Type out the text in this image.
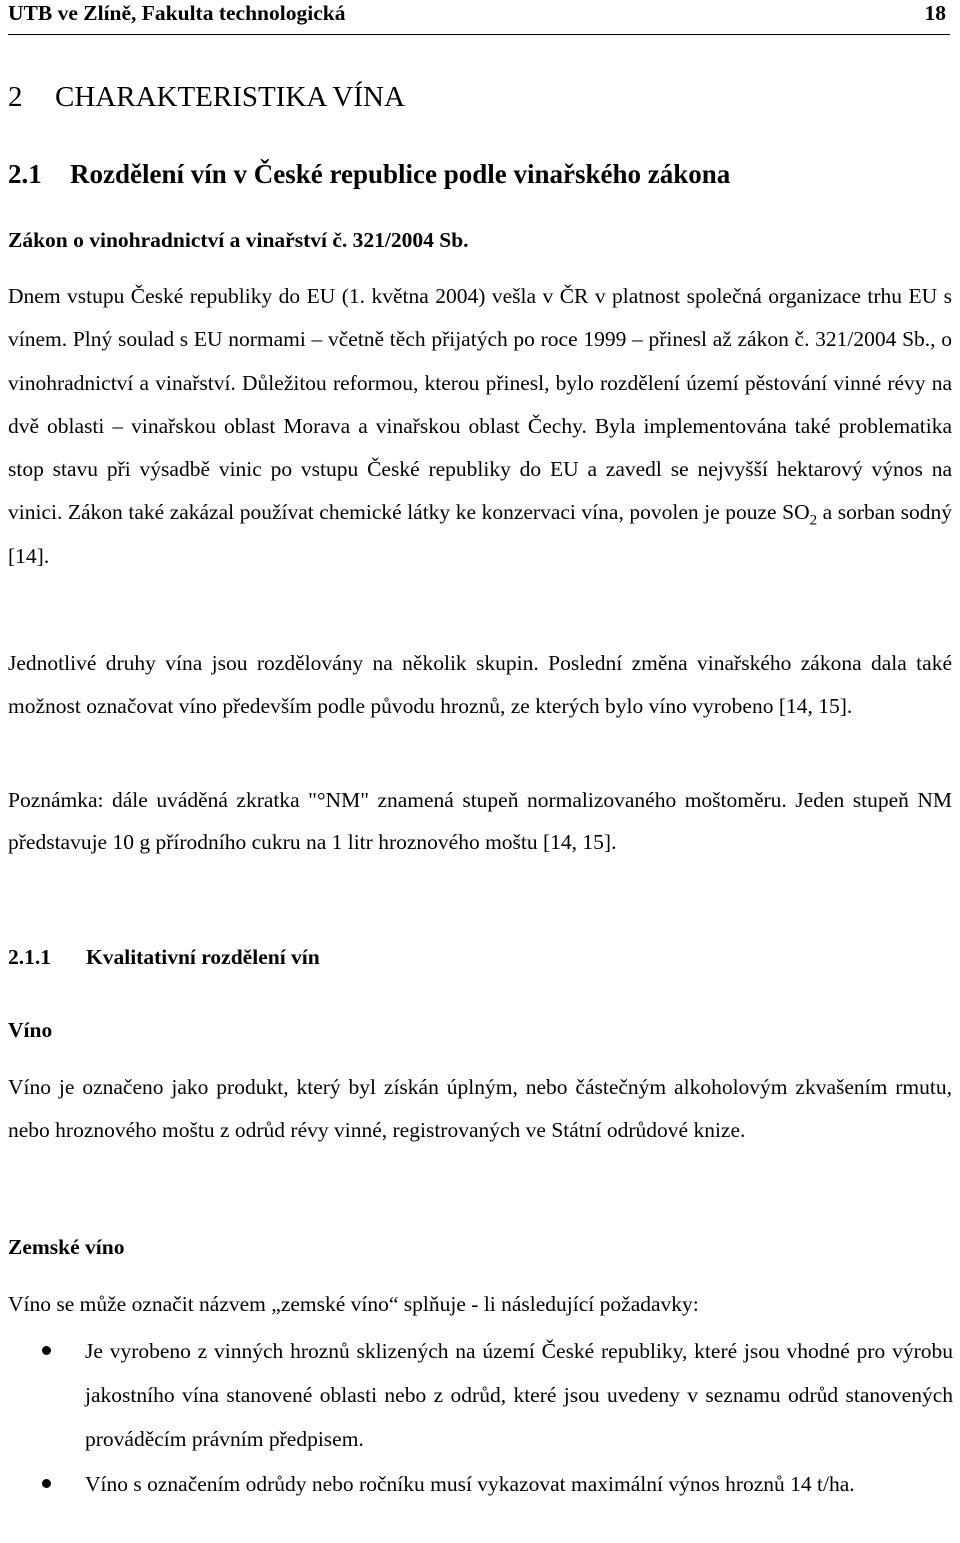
UTB ve Zlíně, Fakulta technologická	18
2 CHARAKTERISTIKA VÍNA
2.1 Rozdělení vín v České republice podle vinařského zákona
Zákon o vinohradnictví a vinařství č. 321/2004 Sb.
Dnem vstupu České republiky do EU (1. května 2004) vešla v ČR v platnost společná organizace trhu EU s vínem. Plný soulad s EU normami – včetně těch přijatých po roce 1999 – přinesl až zákon č. 321/2004 Sb., o vinohradnictví a vinařství. Důležitou reformou, kterou přinesl, bylo rozdělení území pěstování vinné révy na dvě oblasti – vinařskou oblast Morava a vinařskou oblast Čechy. Byla implementována také problematika stop stavu při výsadbě vinic po vstupu České republiky do EU a zavedl se nejvyšší hektarový výnos na vinici. Zákon také zakázal používat chemické látky ke konzervaci vína, povolen je pouze $SO_2$ a sorban sodný [14].
Jednotlivé druhy vína jsou rozdělovány na několik skupin. Poslední změna vinařského zákona dala také možnost označovat víno především podle původu hroznů, ze kterých bylo víno vyrobeno [14, 15].
Poznámka: dále uváděná zkratka "°NM" znamená stupeň normalizovaného moštoměru. Jeden stupeň NM představuje 10 g přírodního cukru na 1 litr hroznového moštu [14, 15].
2.1.1 Kvalitativní rozdělení vín
Víno
Víno je označeno jako produkt, který byl získán úplným, nebo částečným alkoholovým zkvašením rmutu, nebo hroznového moštu z odrůd révy vinné, registrovaných ve Státní odrůdové knize.
Zemské víno
Víno se může označit názvem „zemské víno“ splňuje - li následující požadavky:
Je vyrobeno z vinných hroznů sklizených na území České republiky, které jsou vhodné pro výrobu jakostního vína stanovené oblasti nebo z odrůd, které jsou uvedeny v seznamu odrůd stanovených prováděcím právním předpisem.
Víno s označením odrůdy nebo ročníku musí vykazovat maximální výnos hroznů 14 t/ha.
